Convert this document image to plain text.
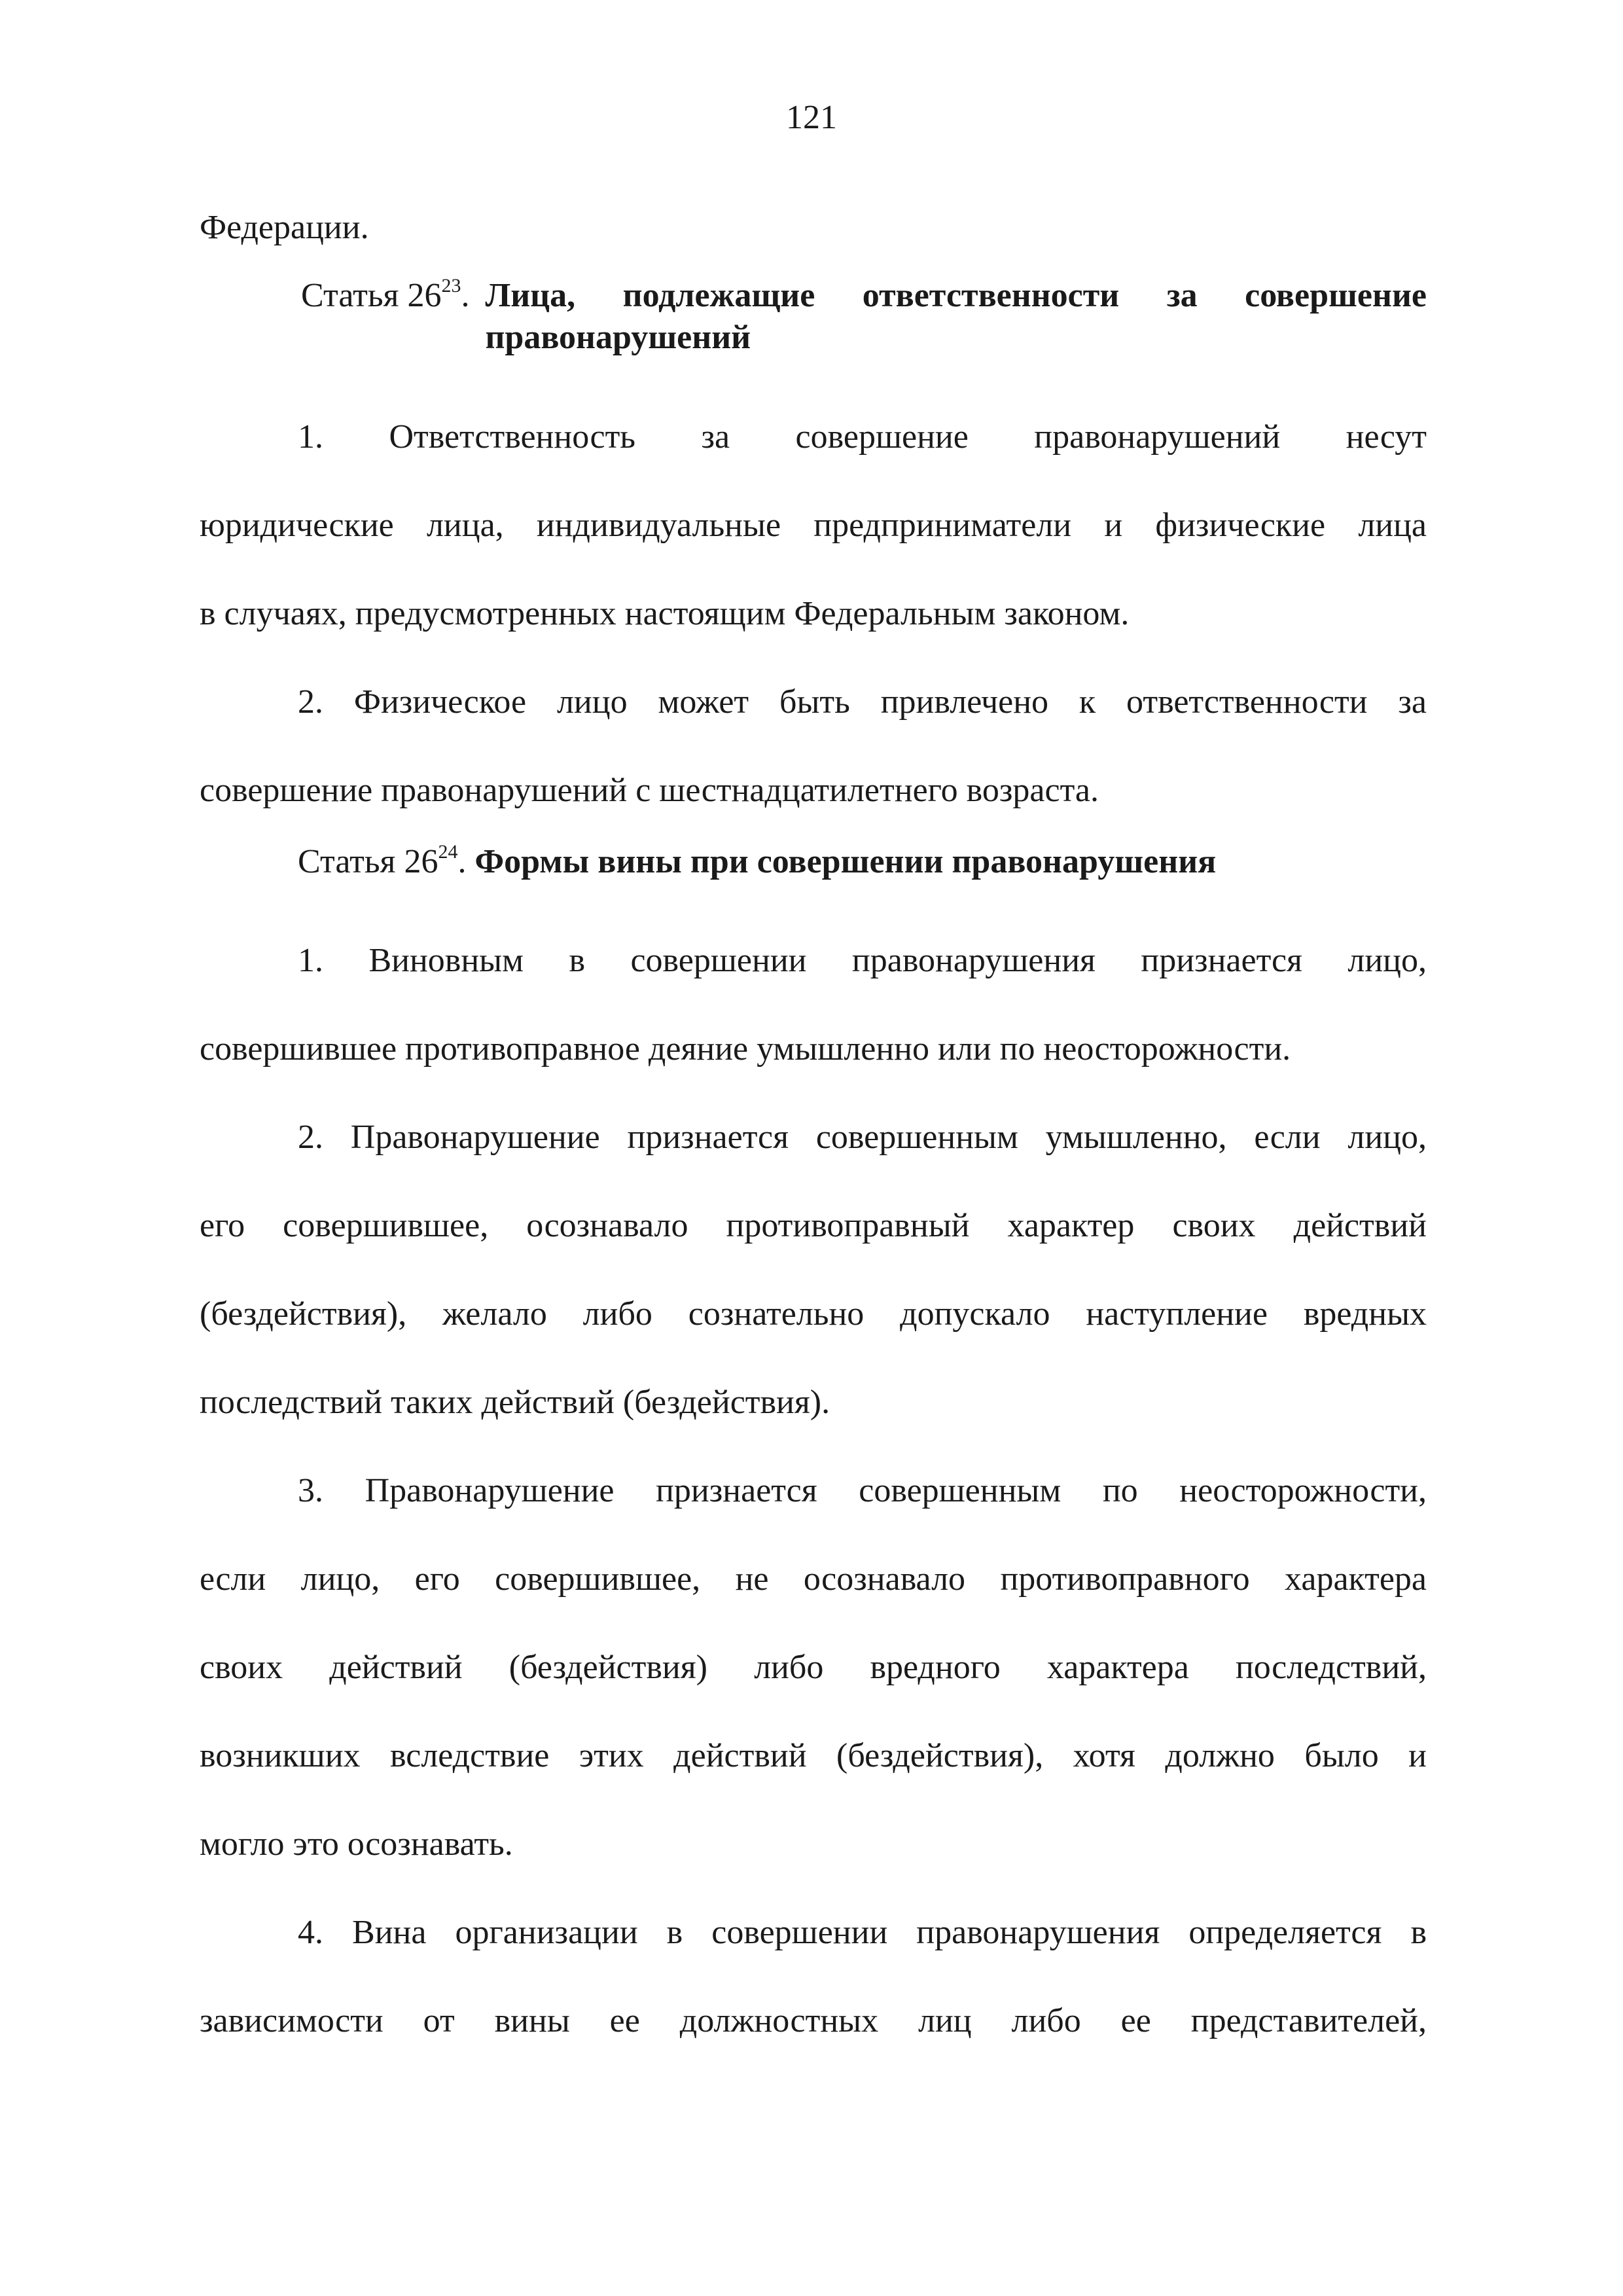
121
Федерации.
Статья $26^{23}$. Лица, подлежащие ответственности за совершение
правонарушений
1. Ответственность за совершение правонарушений несут
юридические лица, индивидуальные предприниматели и физические лица
в случаях, предусмотренных настоящим Федеральным законом.
2. Физическое лицо может быть привлечено к ответственности за
совершение правонарушений с шестнадцатилетнего возраста.
Статья $26^{24}$. Формы вины при совершении правонарушения
1. Виновным в совершении правонарушения признается лицо,
совершившее противоправное деяние умышленно или по неосторожности.
2. Правонарушение признается совершенным умышленно, если лицо,
его совершившее, осознавало противоправный характер своих действий
(бездействия), желало либо сознательно допускало наступление вредных
последствий таких действий (бездействия).
3. Правонарушение признается совершенным по неосторожности,
если лицо, его совершившее, не осознавало противоправного характера
своих действий (бездействия) либо вредного характера последствий,
возникших вследствие этих действий (бездействия), хотя должно было и
могло это осознавать.
4. Вина организации в совершении правонарушения определяется в
зависимости от вины ее должностных лиц либо ее представителей,
